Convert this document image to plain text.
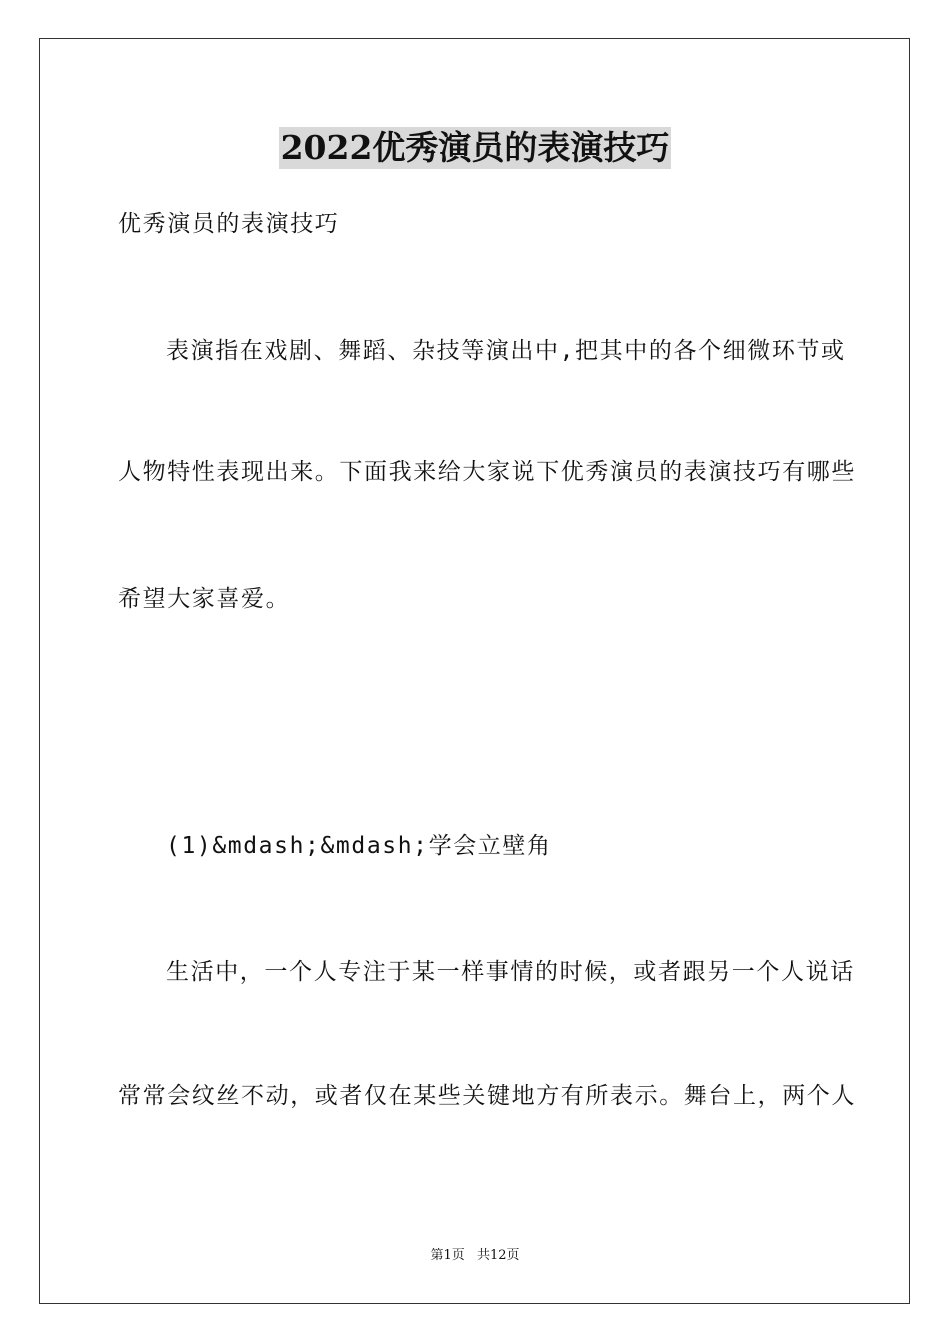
2022优秀演员的表演技巧
优秀演员的表演技巧
表演指在戏剧、舞蹈、杂技等演出中,把其中的各个细微环节或
人物特性表现出来。下面我来给大家说下优秀演员的表演技巧有哪些
希望大家喜爱。
(1)&mdash;&mdash;学会立壁角
生活中，一个人专注于某一样事情的时候，或者跟另一个人说话
常常会纹丝不动，或者仅在某些关键地方有所表示。舞台上，两个人
第1页 共12页
